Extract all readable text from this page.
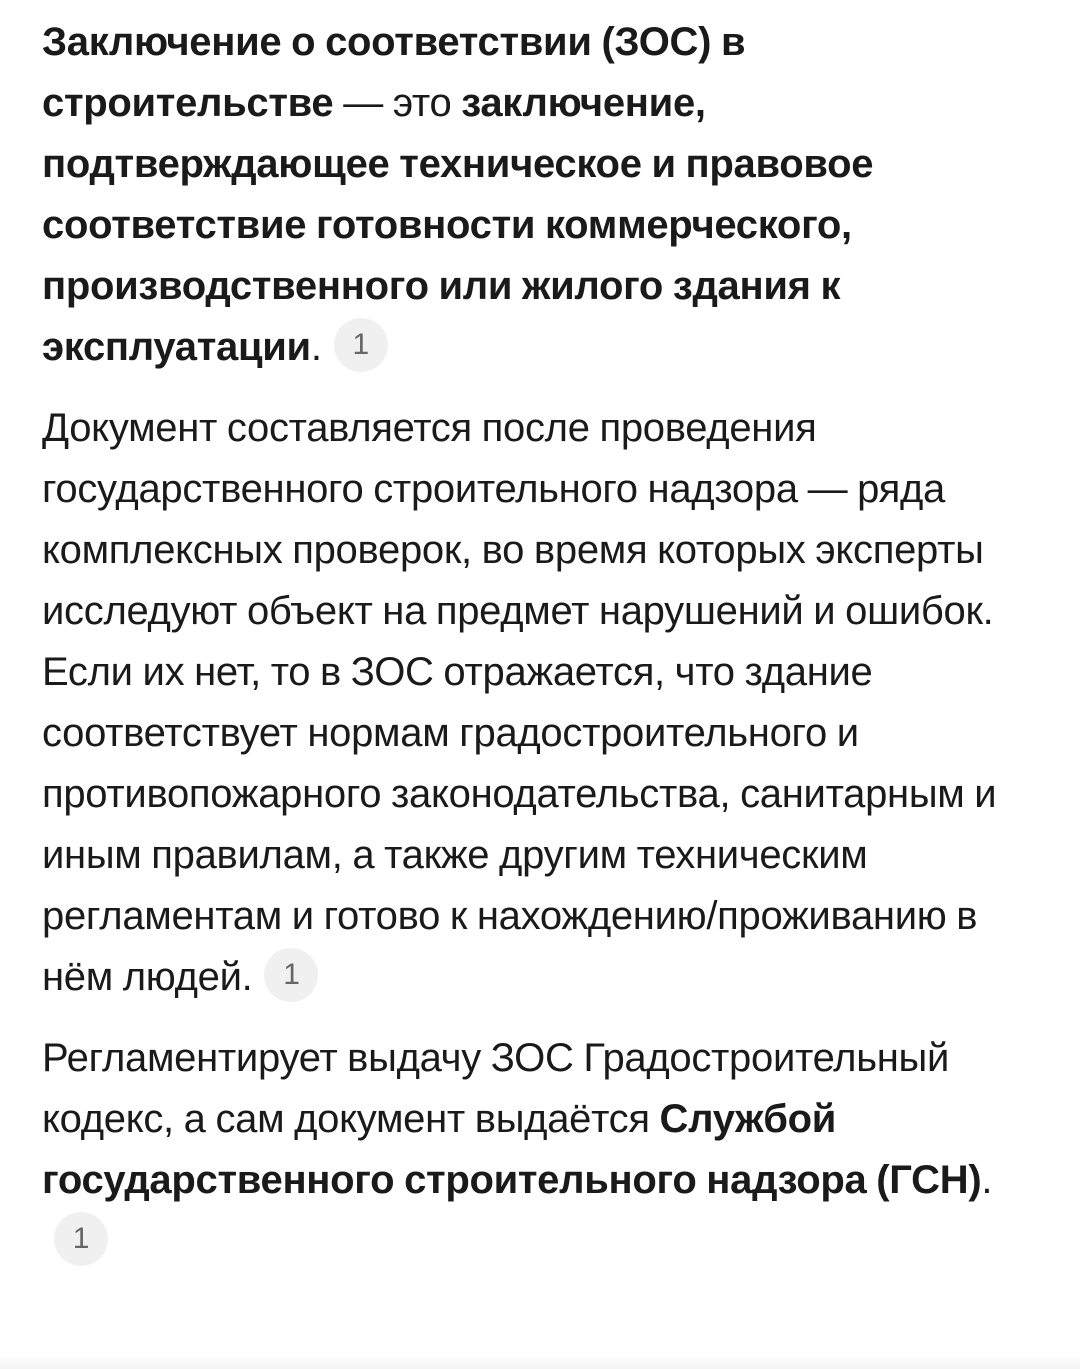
Заключение о соответствии (ЗОС) в строительстве — это заключение, подтверждающее техническое и правовое соответствие готовности коммерческого, производственного или жилого здания к эксплуатации. 1

Документ составляется после проведения государственного строительного надзора — ряда комплексных проверок, во время которых эксперты исследуют объект на предмет нарушений и ошибок. Если их нет, то в ЗОС отражается, что здание соответствует нормам градостроительного и противопожарного законодательства, санитарным и иным правилам, а также другим техническим регламентам и готово к нахождению/проживанию в нём людей. 1

Регламентирует выдачу ЗОС Градостроительный кодекс, а сам документ выдаётся Службой государственного строительного надзора (ГСН).1
